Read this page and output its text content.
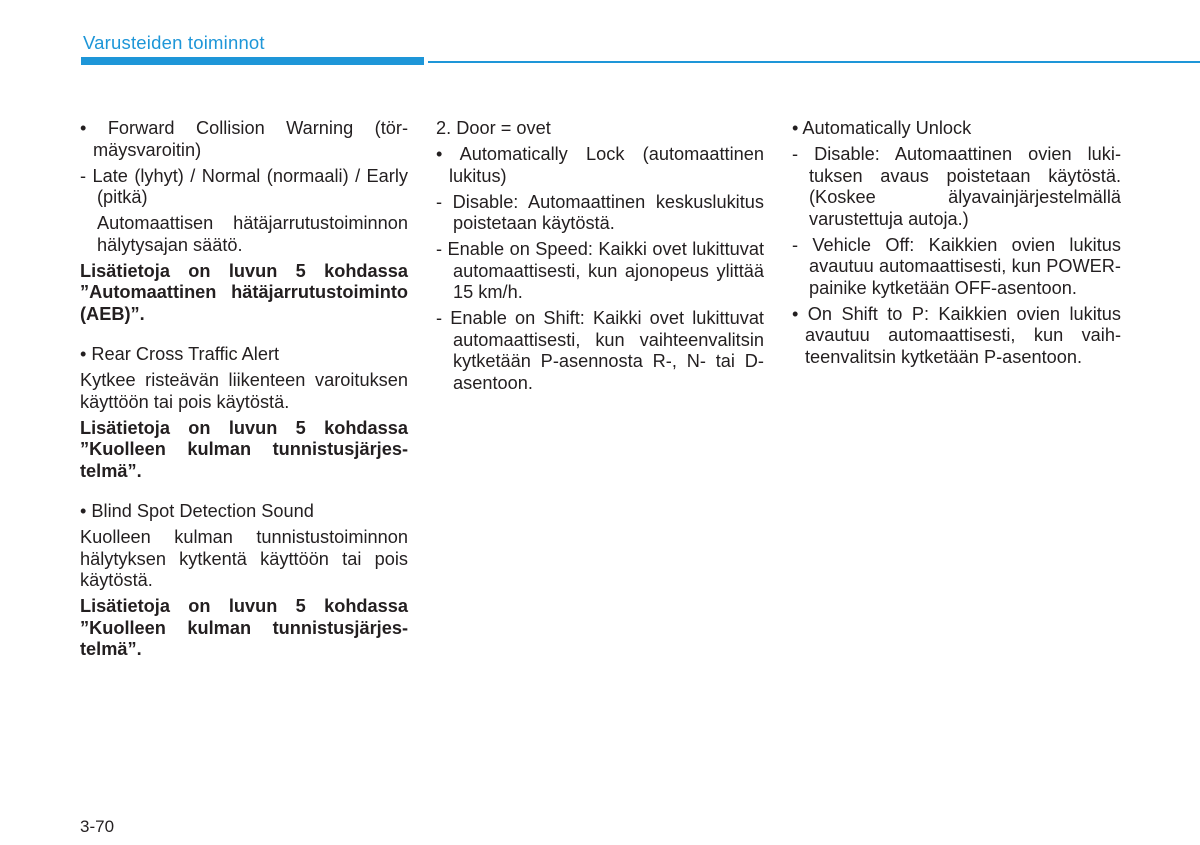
Varusteiden toiminnot

• Forward Collision Warning (törmäysvaroitin)

- Late (lyhyt) / Normal (normaali) / Early (pitkä)

Automaattisen hätäjarrutustoiminnon hälytysajan säätö.

Lisätietoja on luvun 5 kohdassa ”Automaattinen hätäjarrutustoiminto (AEB)”.

• Rear Cross Traffic Alert

Kytkee risteävän liikenteen varoituksen käyttöön tai pois käytöstä.

Lisätietoja on luvun 5 kohdassa ”Kuolleen kulman tunnistusjärjestelmä”.

• Blind Spot Detection Sound

Kuolleen kulman tunnistustoiminnon hälytyksen kytkentä käyttöön tai pois käytöstä.

Lisätietoja on luvun 5 kohdassa ”Kuolleen kulman tunnistusjärjestelmä”.

2. Door = ovet

• Automatically Lock (automaattinen lukitus)

- Disable: Automaattinen keskuslukitus poistetaan käytöstä.

- Enable on Speed: Kaikki ovet lukittuvat automaattisesti, kun ajonopeus ylittää 15 km/h.

- Enable on Shift: Kaikki ovet lukittuvat automaattisesti, kun vaihteenvalitsin kytketään P-asennosta R-, N- tai D-asentoon.

• Automatically Unlock

- Disable: Automaattinen ovien lukituksen avaus poistetaan käytöstä. (Koskee älyavainjärjestelmällä varustettuja autoja.)

- Vehicle Off: Kaikkien ovien lukitus avautuu automaattisesti, kun POWER-painike kytketään OFF-asentoon.

• On Shift to P: Kaikkien ovien lukitus avautuu automaattisesti, kun vaihteenvalitsin kytketään P-asentoon.

3-70
